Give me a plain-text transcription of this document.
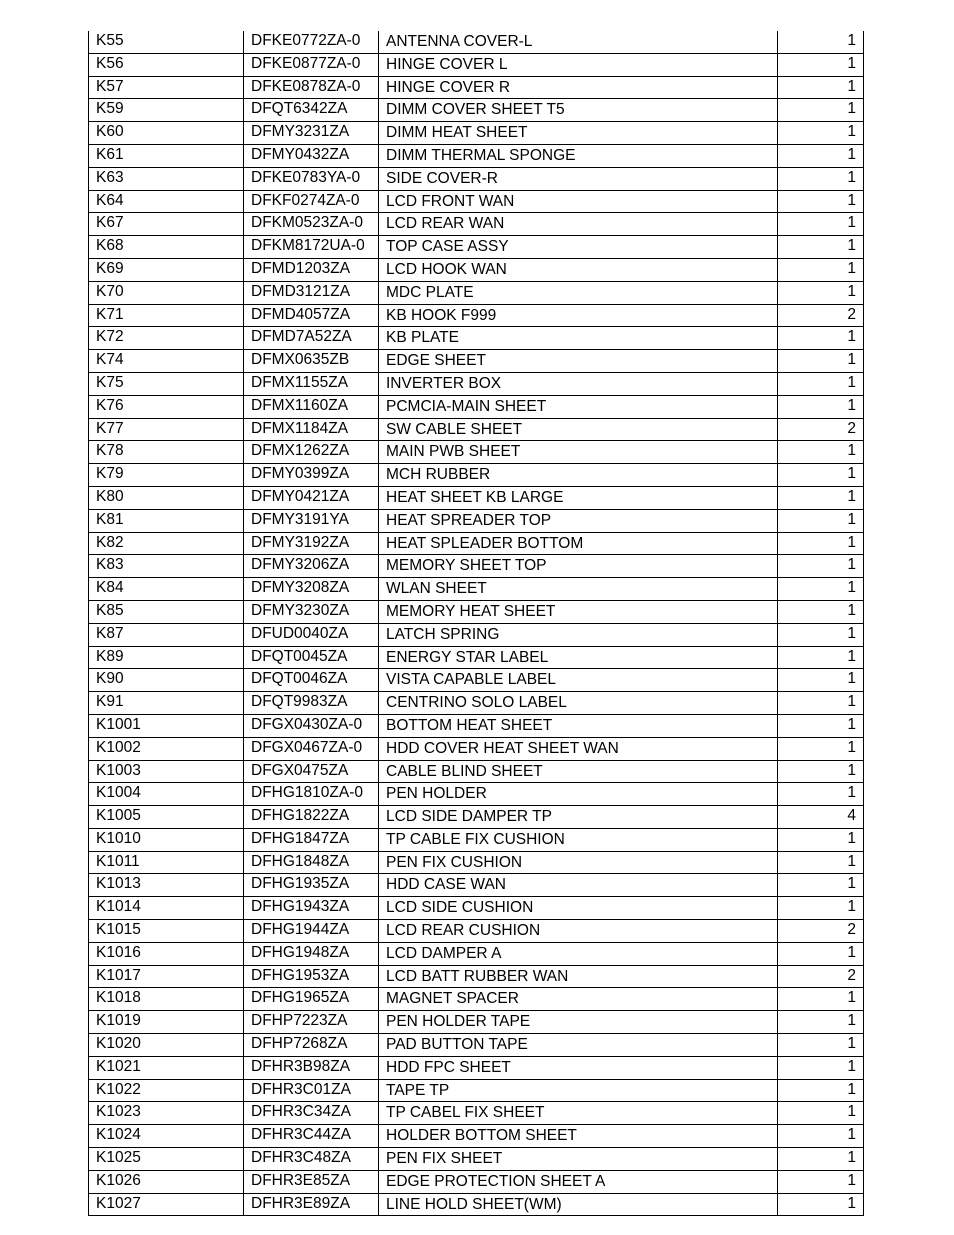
K55	DFKE0772ZA-0	ANTENNA COVER-L	1
K56	DFKE0877ZA-0	HINGE COVER L	1
K57	DFKE0878ZA-0	HINGE COVER R	1
K59	DFQT6342ZA	DIMM COVER SHEET T5	1
K60	DFMY3231ZA	DIMM HEAT SHEET	1
K61	DFMY0432ZA	DIMM THERMAL SPONGE	1
K63	DFKE0783YA-0	SIDE COVER-R	1
K64	DFKF0274ZA-0	LCD FRONT WAN	1
K67	DFKM0523ZA-0	LCD REAR WAN	1
K68	DFKM8172UA-0	TOP CASE ASSY	1
K69	DFMD1203ZA	LCD HOOK WAN	1
K70	DFMD3121ZA	MDC PLATE	1
K71	DFMD4057ZA	KB HOOK F999	2
K72	DFMD7A52ZA	KB PLATE	1
K74	DFMX0635ZB	EDGE SHEET	1
K75	DFMX1155ZA	INVERTER BOX	1
K76	DFMX1160ZA	PCMCIA-MAIN SHEET	1
K77	DFMX1184ZA	SW CABLE SHEET	2
K78	DFMX1262ZA	MAIN PWB SHEET	1
K79	DFMY0399ZA	MCH RUBBER	1
K80	DFMY0421ZA	HEAT SHEET KB LARGE	1
K81	DFMY3191YA	HEAT SPREADER TOP	1
K82	DFMY3192ZA	HEAT SPLEADER BOTTOM	1
K83	DFMY3206ZA	MEMORY SHEET TOP	1
K84	DFMY3208ZA	WLAN SHEET	1
K85	DFMY3230ZA	MEMORY HEAT SHEET	1
K87	DFUD0040ZA	LATCH SPRING	1
K89	DFQT0045ZA	ENERGY STAR LABEL	1
K90	DFQT0046ZA	VISTA CAPABLE LABEL	1
K91	DFQT9983ZA	CENTRINO SOLO LABEL	1
K1001	DFGX0430ZA-0	BOTTOM HEAT SHEET	1
K1002	DFGX0467ZA-0	HDD COVER HEAT SHEET WAN	1
K1003	DFGX0475ZA	CABLE BLIND SHEET	1
K1004	DFHG1810ZA-0	PEN HOLDER	1
K1005	DFHG1822ZA	LCD SIDE DAMPER TP	4
K1010	DFHG1847ZA	TP CABLE FIX CUSHION	1
K1011	DFHG1848ZA	PEN FIX CUSHION	1
K1013	DFHG1935ZA	HDD CASE WAN	1
K1014	DFHG1943ZA	LCD SIDE CUSHION	1
K1015	DFHG1944ZA	LCD REAR CUSHION	2
K1016	DFHG1948ZA	LCD DAMPER A	1
K1017	DFHG1953ZA	LCD BATT RUBBER WAN	2
K1018	DFHG1965ZA	MAGNET SPACER	1
K1019	DFHP7223ZA	PEN HOLDER TAPE	1
K1020	DFHP7268ZA	PAD BUTTON TAPE	1
K1021	DFHR3B98ZA	HDD FPC SHEET	1
K1022	DFHR3C01ZA	TAPE TP	1
K1023	DFHR3C34ZA	TP CABEL FIX SHEET	1
K1024	DFHR3C44ZA	HOLDER BOTTOM SHEET	1
K1025	DFHR3C48ZA	PEN FIX SHEET	1
K1026	DFHR3E85ZA	EDGE PROTECTION SHEET A	1
K1027	DFHR3E89ZA	LINE HOLD SHEET(WM)	1
